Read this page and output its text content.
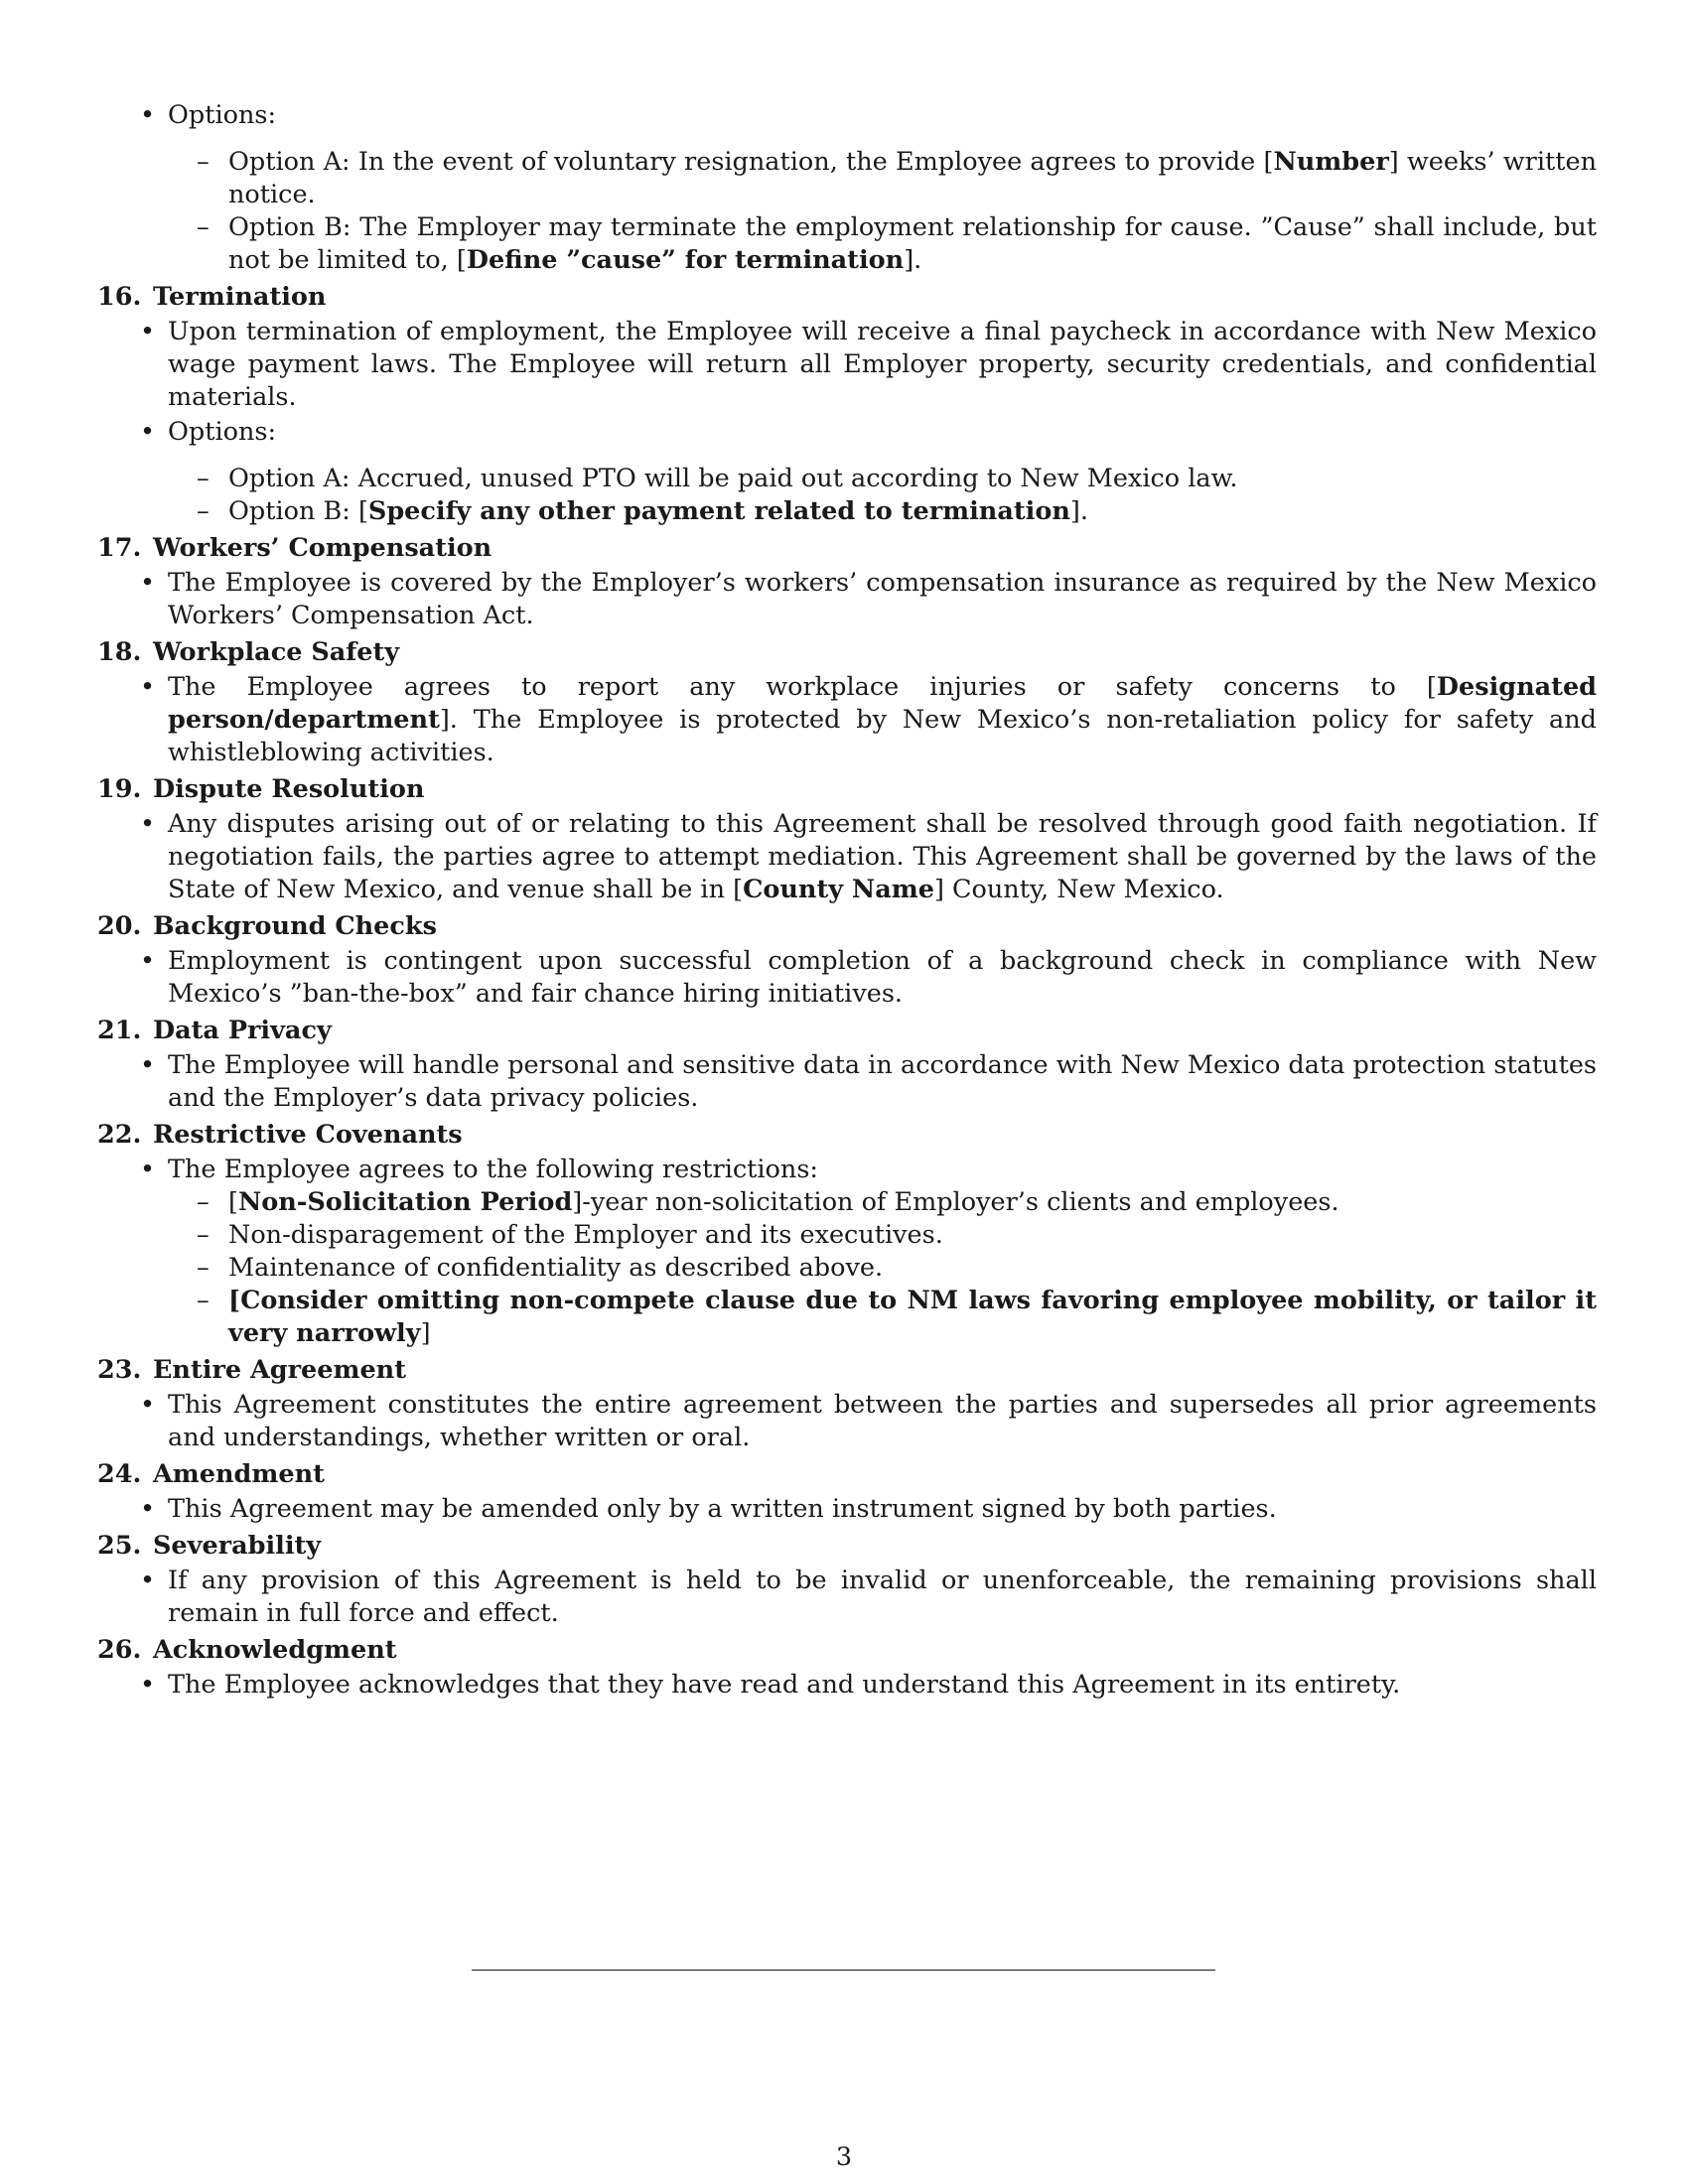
• Options:
– Option A: In the event of voluntary resignation, the Employee agrees to provide [Number] weeks’ written notice.
– Option B: The Employer may terminate the employment relationship for cause. ”Cause” shall include, but not be limited to, [Define ”cause” for termination].
16. Termination
• Upon termination of employment, the Employee will receive a final paycheck in accordance with New Mexico wage payment laws. The Employee will return all Employer property, security credentials, and confidential materials.
• Options:
– Option A: Accrued, unused PTO will be paid out according to New Mexico law.
– Option B: [Specify any other payment related to termination].
17. Workers’ Compensation
• The Employee is covered by the Employer’s workers’ compensation insurance as required by the New Mexico Workers’ Compensation Act.
18. Workplace Safety
• The Employee agrees to report any workplace injuries or safety concerns to [Designated person/department]. The Employee is protected by New Mexico’s non-retaliation policy for safety and whistleblowing activities.
19. Dispute Resolution
• Any disputes arising out of or relating to this Agreement shall be resolved through good faith negotiation. If negotiation fails, the parties agree to attempt mediation. This Agreement shall be governed by the laws of the State of New Mexico, and venue shall be in [County Name] County, New Mexico.
20. Background Checks
• Employment is contingent upon successful completion of a background check in compliance with New Mexico’s ”ban-the-box” and fair chance hiring initiatives.
21. Data Privacy
• The Employee will handle personal and sensitive data in accordance with New Mexico data protection statutes and the Employer’s data privacy policies.
22. Restrictive Covenants
• The Employee agrees to the following restrictions:
– [Non-Solicitation Period]-year non-solicitation of Employer’s clients and employees.
– Non-disparagement of the Employer and its executives.
– Maintenance of confidentiality as described above.
– [Consider omitting non-compete clause due to NM laws favoring employee mobility, or tailor it very narrowly]
23. Entire Agreement
• This Agreement constitutes the entire agreement between the parties and supersedes all prior agreements and understandings, whether written or oral.
24. Amendment
• This Agreement may be amended only by a written instrument signed by both parties.
25. Severability
• If any provision of this Agreement is held to be invalid or unenforceable, the remaining provisions shall remain in full force and effect.
26. Acknowledgment
• The Employee acknowledges that they have read and understand this Agreement in its entirety.
3
